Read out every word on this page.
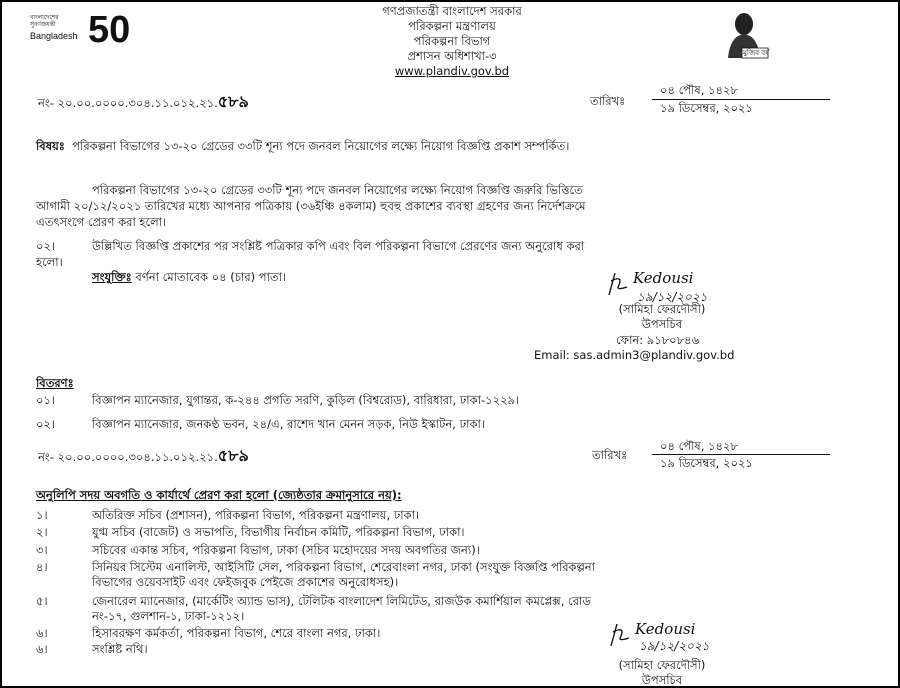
বাংলাদেশের
সুবর্ণজয়ন্তী
Bangladesh 50	গণপ্রজাতন্ত্রী বাংলাদেশ সরকার
পরিকল্পনা মন্ত্রণালয়
পরিকল্পনা বিভাগ
প্রশাসন অধিশাখা-৩
www.plandiv.gov.bd
মুজিব বর্ষ
নং- ২০.০০.০০০০.৩০৪.১১.০১২.২১.৫৮৯	তারিখঃ
০৪ পৌষ, ১৪২৮
১৯ ডিসেম্বর, ২০২১
বিষয়ঃ পরিকল্পনা বিভাগের ১৩-২০ গ্রেডের ৩৩টি শূন্য পদে জনবল নিয়োগের লক্ষ্যে নিয়োগ বিজ্ঞপ্তি প্রকাশ সম্পর্কিত।
পরিকল্পনা বিভাগের ১৩-২০ গ্রেডের ৩৩টি শূন্য পদে জনবল নিয়োগের লক্ষ্যে নিয়োগ বিজ্ঞপ্তি জরুরি ভিত্তিতে
আগামী ২০/১২/২০২১ তারিখের মধ্যে আপনার পত্রিকায় (৩৬ইঞ্চি ৪কলাম) হুবহু প্রকাশের ব্যবস্থা গ্রহণের জন্য নির্দেশক্রমে
এতৎসংগে প্রেরণ করা হলো।
০২।	উল্লিখিত বিজ্ঞপ্তি প্রকাশের পর সংশ্লিষ্ট পত্রিকার কপি এবং বিল পরিকল্পনা বিভাগে প্রেরণের জন্য অনুরোধ করা
হলো।
সংযুক্তিঃ বর্ণনা মোতাবেক ০৪ (চার) পাতা।	Kedousi
১৯/১২/২০২১
(সামিহা ফেরদৌসী)
উপসচিব
ফোন: ৯১৮০৮৪৬
Email: sas.admin3@plandiv.gov.bd
বিতরণঃ
০১।	বিজ্ঞাপন ম্যানেজার, যুগান্তর, ক-২৪৪ প্রগতি সরণি, কুড়িল (বিশ্বরোড), বারিধারা, ঢাকা-১২২৯।
০২।	বিজ্ঞাপন ম্যানেজার, জনকণ্ঠ ভবন, ২৪/এ, রাশেদ খান মেনন সড়ক, নিউ ইস্কাটন, ঢাকা।
নং- ২০.০০.০০০০.৩০৪.১১.০১২.২১.৫৮৯	তারিখঃ
০৪ পৌষ, ১৪২৮
১৯ ডিসেম্বর, ২০২১
অনুলিপি সদয় অবগতি ও কার্যার্থে প্রেরণ করা হলো (জ্যেষ্ঠতার ক্রমানুসারে নয়):
১।	অতিরিক্ত সচিব (প্রশাসন), পরিকল্পনা বিভাগ, পরিকল্পনা মন্ত্রণালয়, ঢাকা।
২।	যুগ্ম সচিব (বাজেট) ও সভাপতি, বিভাগীয় নির্বাচন কমিটি, পরিকল্পনা বিভাগ, ঢাকা।
৩।	সচিবের একান্ত সচিব, পরিকল্পনা বিভাগ, ঢাকা (সচিব মহোদয়ের সদয় অবগতির জন্য)।
৪।	সিনিয়র সিস্টেম এনালিস্ট, আইসিটি সেল, পরিকল্পনা বিভাগ, শেরেবাংলা নগর, ঢাকা (সংযুক্ত বিজ্ঞপ্তি পরিকল্পনা
বিভাগের ওয়েবসাইট এবং ফেইজবুক পেইজে প্রকাশের অনুরোধসহ)।
৫।	জেনারেল ম্যানেজার, (মার্কেটিং অ্যান্ড ভাস), টেলিটক বাংলাদেশ লিমিটেড, রাজউক কমার্শিয়াল কমপ্লেক্স, রোড
নং-১৭, গুলশান-১, ঢাকা-১২১২।
৬।	হিসাবরক্ষণ কর্মকর্তা, পরিকল্পনা বিভাগ, শেরে বাংলা নগর, ঢাকা।
৬।	সংশ্লিষ্ট নথি।
Kedousi
১৯/১২/২০২১
(সামিহা ফেরদৌসী)
উপসচিব
